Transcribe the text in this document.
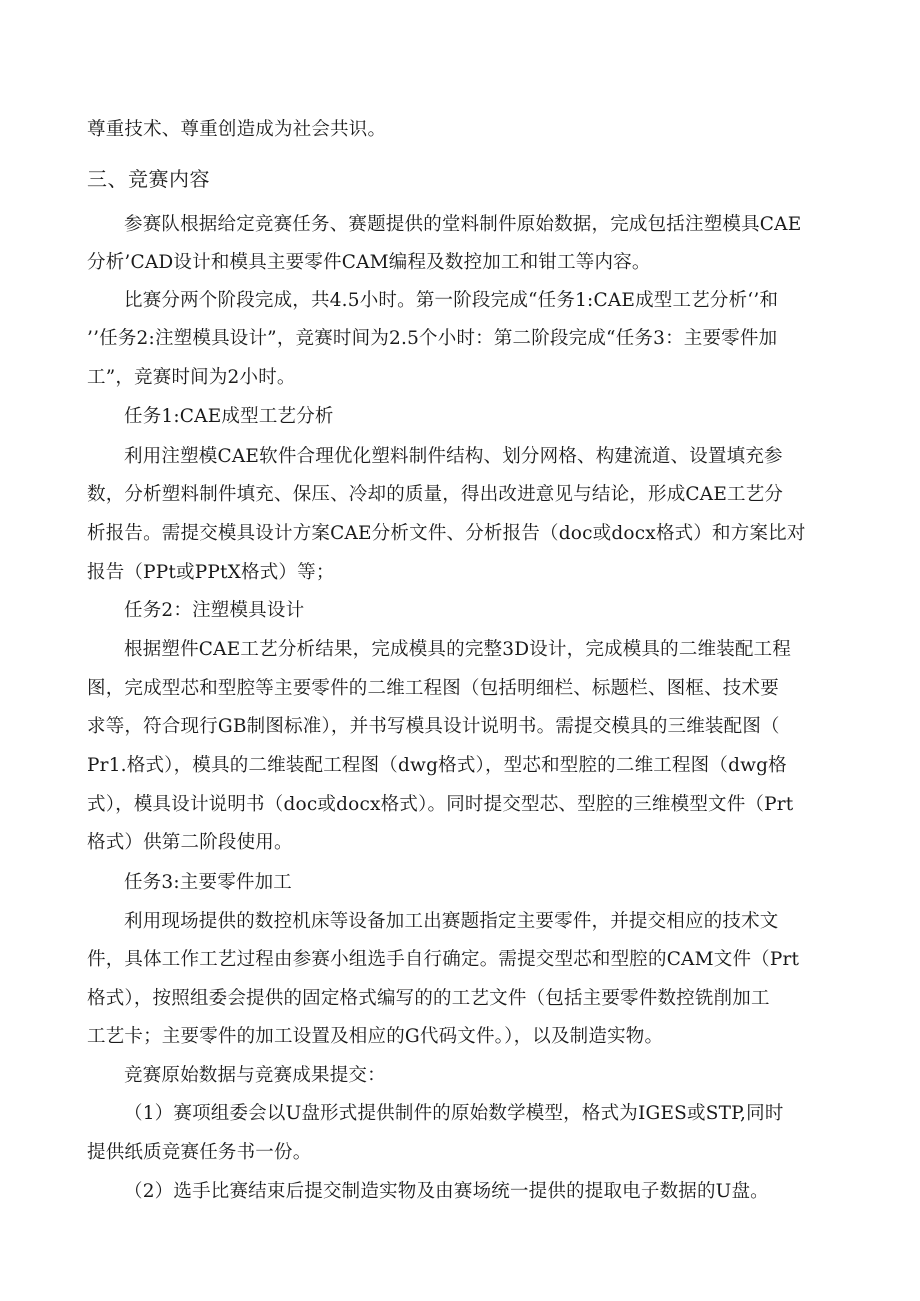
尊重技术、尊重创造成为社会共识。
三、竞赛内容
参赛队根据给定竞赛任务、赛题提供的堂料制件原始数据，完成包括注塑模具CAE
分析’CAD设计和模具主要零件CAM编程及数控加工和钳工等内容。
比赛分两个阶段完成，共4.5小时。第一阶段完成“任务1:CAE成型工艺分析‘’和
’’任务2:注塑模具设计”，竞赛时间为2.5个小时：第二阶段完成“任务3：主要零件加
工”，竞赛时间为2小时。
任务1:CAE成型工艺分析
利用注塑模CAE软件合理优化塑料制件结构、划分网格、构建流道、设置填充参
数，分析塑料制件填充、保压、冷却的质量，得出改进意见与结论，形成CAE工艺分
析报告。需提交模具设计方案CAE分析文件、分析报告（doc或docx格式）和方案比对
报告（PPt或PPtX格式）等；
任务2：注塑模具设计
根据塑件CAE工艺分析结果，完成模具的完整3D设计，完成模具的二维装配工程
图，完成型芯和型腔等主要零件的二维工程图（包括明细栏、标题栏、图框、技术要
求等，符合现行GB制图标准），并书写模具设计说明书。需提交模具的三维装配图（
Pr1.格式），模具的二维装配工程图（dwg格式），型芯和型腔的二维工程图（dwg格
式），模具设计说明书（doc或docx格式）。同时提交型芯、型腔的三维模型文件（Prt
格式）供第二阶段使用。
任务3:主要零件加工
利用现场提供的数控机床等设备加工出赛题指定主要零件，并提交相应的技术文
件，具体工作工艺过程由参赛小组选手自行确定。需提交型芯和型腔的CAM文件（Prt
格式），按照组委会提供的固定格式编写的的工艺文件（包括主要零件数控铣削加工
工艺卡；主要零件的加工设置及相应的G代码文件。），以及制造实物。
竞赛原始数据与竞赛成果提交：
（1）赛项组委会以U盘形式提供制件的原始数学模型，格式为IGES或STP,同时
提供纸质竞赛任务书一份。
（2）选手比赛结束后提交制造实物及由赛场统一提供的提取电子数据的U盘。
